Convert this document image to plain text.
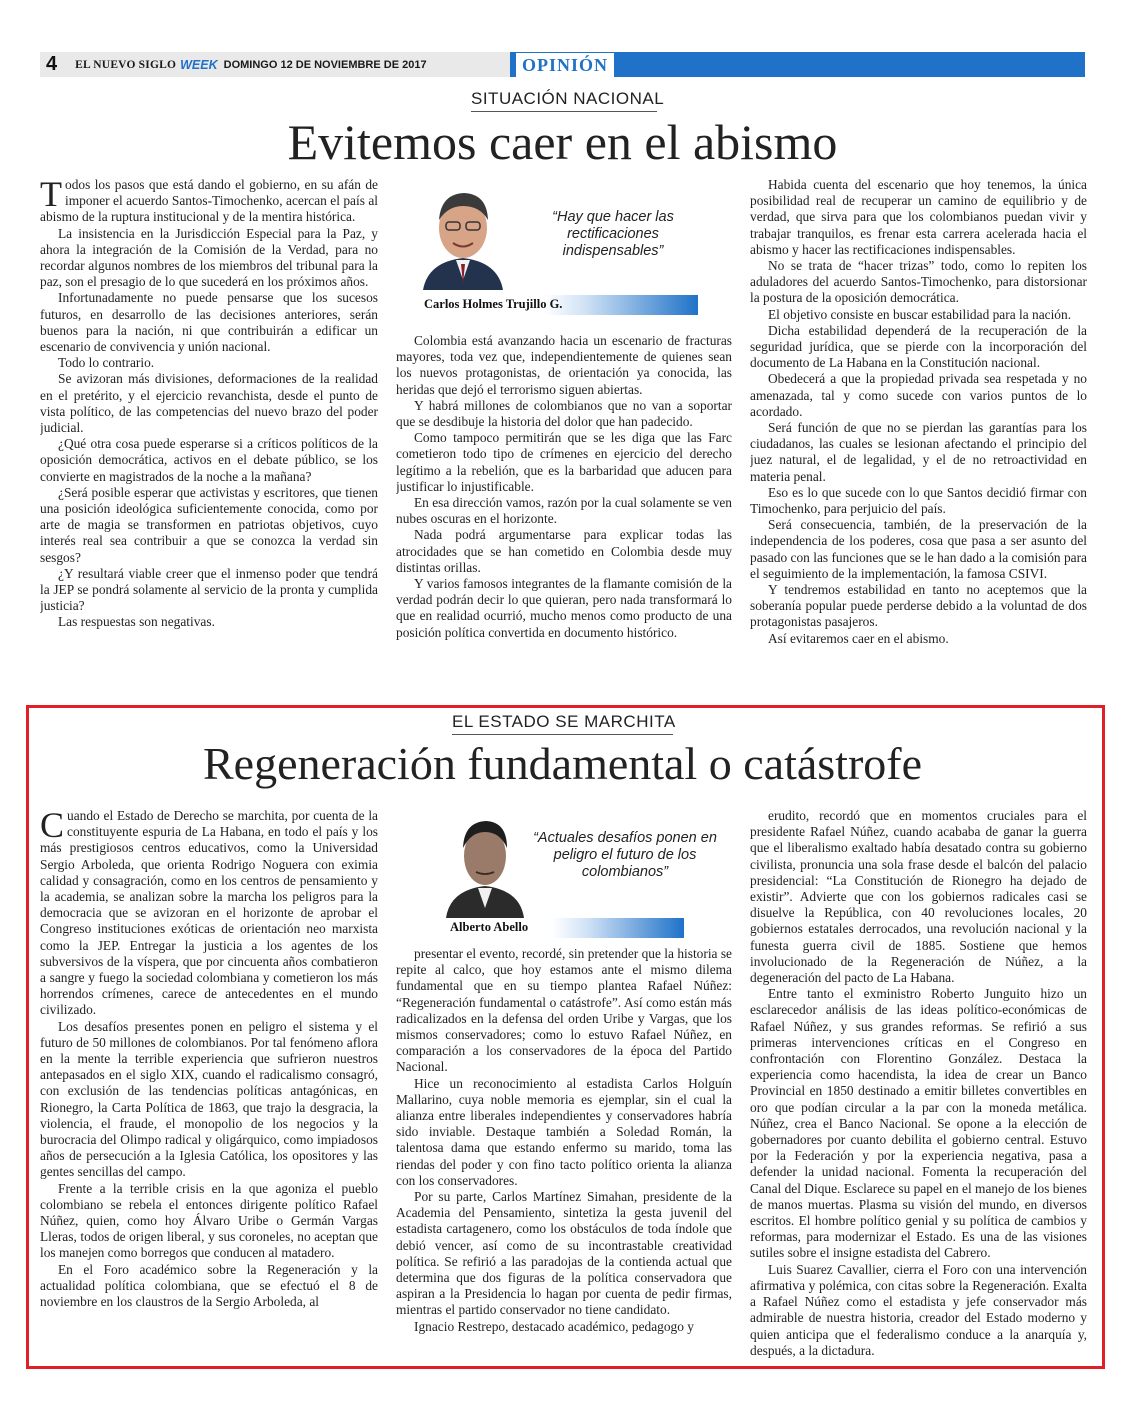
4 EL NUEVO SIGLO WEEK DOMINGO 12 DE NOVIEMBRE DE 2017	OPINIÓN
SITUACIÓN NACIONAL
Evitemos caer en el abismo

Todos los pasos que está dando el gobierno, en su afán de imponer el acuerdo Santos-Timochenko, acercan el país al abismo de la ruptura institucional y de la mentira histórica.

La insistencia en la Jurisdicción Especial para la Paz, y ahora la integración de la Comisión de la Verdad, para no recordar algunos nombres de los miembros del tribunal para la paz, son el presagio de lo que sucederá en los próximos años.

Infortunadamente no puede pensarse que los sucesos futuros, en desarrollo de las decisiones anteriores, serán buenos para la nación, ni que contribuirán a edificar un escenario de convivencia y unión nacional.

Todo lo contrario.

Se avizoran más divisiones, deformaciones de la realidad en el pretérito, y el ejercicio revanchista, desde el punto de vista político, de las competencias del nuevo brazo del poder judicial.

¿Qué otra cosa puede esperarse si a críticos políticos de la oposición democrática, activos en el debate público, se los convierte en magistrados de la noche a la mañana?

¿Será posible esperar que activistas y escritores, que tienen una posición ideológica suficientemente conocida, como por arte de magia se transformen en patriotas objetivos, cuyo interés real sea contribuir a que se conozca la verdad sin sesgos?

¿Y resultará viable creer que el inmenso poder que tendrá la JEP se pondrá solamente al servicio de la pronta y cumplida justicia?

Las respuestas son negativas.

“Hay que hacer las rectificaciones indispensables”
Carlos Holmes Trujillo G.

Colombia está avanzando hacia un escenario de fracturas mayores, toda vez que, independientemente de quienes sean los nuevos protagonistas, de orientación ya conocida, las heridas que dejó el terrorismo siguen abiertas.

Y habrá millones de colombianos que no van a soportar que se desdibuje la historia del dolor que han padecido.

Como tampoco permitirán que se les diga que las Farc cometieron todo tipo de crímenes en ejercicio del derecho legítimo a la rebelión, que es la barbaridad que aducen para justificar lo injustificable.

En esa dirección vamos, razón por la cual solamente se ven nubes oscuras en el horizonte.

Nada podrá argumentarse para explicar todas las atrocidades que se han cometido en Colombia desde muy distintas orillas.

Y varios famosos integrantes de la flamante comisión de la verdad podrán decir lo que quieran, pero nada transformará lo que en realidad ocurrió, mucho menos como producto de una posición política convertida en documento histórico.

Habida cuenta del escenario que hoy tenemos, la única posibilidad real de recuperar un camino de equilibrio y de verdad, que sirva para que los colombianos puedan vivir y trabajar tranquilos, es frenar esta carrera acelerada hacia el abismo y hacer las rectificaciones indispensables.

No se trata de “hacer trizas” todo, como lo repiten los aduladores del acuerdo Santos-Timochenko, para distorsionar la postura de la oposición democrática.

El objetivo consiste en buscar estabilidad para la nación.

Dicha estabilidad dependerá de la recuperación de la seguridad jurídica, que se pierde con la incorporación del documento de La Habana en la Constitución nacional.

Obedecerá a que la propiedad privada sea respetada y no amenazada, tal y como sucede con varios puntos de lo acordado.

Será función de que no se pierdan las garantías para los ciudadanos, las cuales se lesionan afectando el principio del juez natural, el de legalidad, y el de no retroactividad en materia penal.

Eso es lo que sucede con lo que Santos decidió firmar con Timochenko, para perjuicio del país.

Será consecuencia, también, de la preservación de la independencia de los poderes, cosa que pasa a ser asunto del pasado con las funciones que se le han dado a la comisión para el seguimiento de la implementación, la famosa CSIVI.

Y tendremos estabilidad en tanto no aceptemos que la soberanía popular puede perderse debido a la voluntad de dos protagonistas pasajeros.

Así evitaremos caer en el abismo.

EL ESTADO SE MARCHITA
Regeneración fundamental o catástrofe

Cuando el Estado de Derecho se marchita, por cuenta de la constituyente espuria de La Habana, en todo el país y los más prestigiosos centros educativos, como la Universidad Sergio Arboleda, que orienta Rodrigo Noguera con eximia calidad y consagración, como en los centros de pensamiento y la academia, se analizan sobre la marcha los peligros para la democracia que se avizoran en el horizonte de aprobar el Congreso instituciones exóticas de orientación neo marxista como la JEP. Entregar la justicia a los agentes de los subversivos de la víspera, que por cincuenta años combatieron a sangre y fuego la sociedad colombiana y cometieron los más horrendos crímenes, carece de antecedentes en el mundo civilizado.

Los desafíos presentes ponen en peligro el sistema y el futuro de 50 millones de colombianos. Por tal fenómeno aflora en la mente la terrible experiencia que sufrieron nuestros antepasados en el siglo XIX, cuando el radicalismo consagró, con exclusión de las tendencias políticas antagónicas, en Rionegro, la Carta Política de 1863, que trajo la desgracia, la violencia, el fraude, el monopolio de los negocios y la burocracia del Olimpo radical y oligárquico, como impiadosos años de persecución a la Iglesia Católica, los opositores y las gentes sencillas del campo.

Frente a la terrible crisis en la que agoniza el pueblo colombiano se rebela el entonces dirigente político Rafael Núñez, quien, como hoy Álvaro Uribe o Germán Vargas Lleras, todos de origen liberal, y sus coroneles, no aceptan que los manejen como borregos que conducen al matadero.

En el Foro académico sobre la Regeneración y la actualidad política colombiana, que se efectuó el 8 de noviembre en los claustros de la Sergio Arboleda, al

“Actuales desafíos ponen en peligro el futuro de los colombianos”
Alberto Abello

presentar el evento, recordé, sin pretender que la historia se repite al calco, que hoy estamos ante el mismo dilema fundamental que en su tiempo plantea Rafael Núñez: “Regeneración fundamental o catástrofe”. Así como están más radicalizados en la defensa del orden Uribe y Vargas, que los mismos conservadores; como lo estuvo Rafael Núñez, en comparación a los conservadores de la época del Partido Nacional.

Hice un reconocimiento al estadista Carlos Holguín Mallarino, cuya noble memoria es ejemplar, sin el cual la alianza entre liberales independientes y conservadores habría sido inviable. Destaque también a Soledad Román, la talentosa dama que estando enfermo su marido, toma las riendas del poder y con fino tacto político orienta la alianza con los conservadores.

Por su parte, Carlos Martínez Simahan, presidente de la Academia del Pensamiento, sintetiza la gesta juvenil del estadista cartagenero, como los obstáculos de toda índole que debió vencer, así como de su incontrastable creatividad política. Se refirió a las paradojas de la contienda actual que determina que dos figuras de la política conservadora que aspiran a la Presidencia lo hagan por cuenta de pedir firmas, mientras el partido conservador no tiene candidato.

Ignacio Restrepo, destacado académico, pedagogo y

erudito, recordó que en momentos cruciales para el presidente Rafael Núñez, cuando acababa de ganar la guerra que el liberalismo exaltado había desatado contra su gobierno civilista, pronuncia una sola frase desde el balcón del palacio presidencial: “La Constitución de Rionegro ha dejado de existir”. Advierte que con los gobiernos radicales casi se disuelve la República, con 40 revoluciones locales, 20 gobiernos estatales derrocados, una revolución nacional y la funesta guerra civil de 1885. Sostiene que hemos involucionado de la Regeneración de Núñez, a la degeneración del pacto de La Habana.

Entre tanto el exministro Roberto Junguito hizo un esclarecedor análisis de las ideas político-económicas de Rafael Núñez, y sus grandes reformas. Se refirió a sus primeras intervenciones críticas en el Congreso en confrontación con Florentino González. Destaca la experiencia como hacendista, la idea de crear un Banco Provincial en 1850 destinado a emitir billetes convertibles en oro que podían circular a la par con la moneda metálica. Núñez, crea el Banco Nacional. Se opone a la elección de gobernadores por cuanto debilita el gobierno central. Estuvo por la Federación y por la experiencia negativa, pasa a defender la unidad nacional. Fomenta la recuperación del Canal del Dique. Esclarece su papel en el manejo de los bienes de manos muertas. Plasma su visión del mundo, en diversos escritos. El hombre político genial y su política de cambios y reformas, para modernizar el Estado. Es una de las visiones sutiles sobre el insigne estadista del Cabrero.

Luis Suarez Cavallier, cierra el Foro con una intervención afirmativa y polémica, con citas sobre la Regeneración. Exalta a Rafael Núñez como el estadista y jefe conservador más admirable de nuestra historia, creador del Estado moderno y quien anticipa que el federalismo conduce a la anarquía y, después, a la dictadura.
